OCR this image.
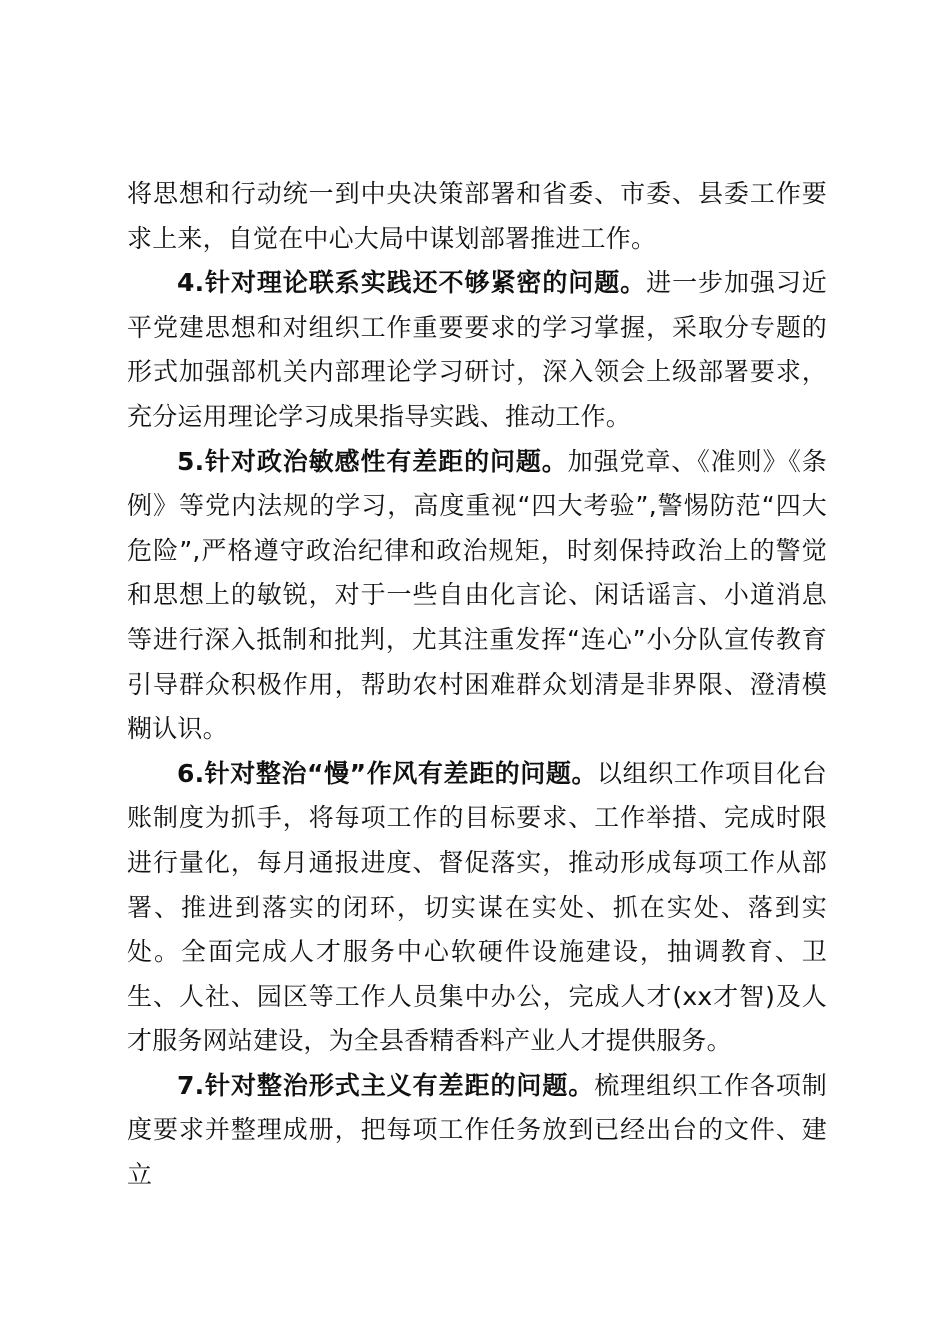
将思想和行动统一到中央决策部署和省委、市委、县委工作要求上来，自觉在中心大局中谋划部署推进工作。

4.针对理论联系实践还不够紧密的问题。进一步加强习近平党建思想和对组织工作重要要求的学习掌握，采取分专题的形式加强部机关内部理论学习研讨，深入领会上级部署要求，充分运用理论学习成果指导实践、推动工作。

5.针对政治敏感性有差距的问题。加强党章、《准则》《条例》等党内法规的学习，高度重视“四大考验”,警惕防范“四大危险”,严格遵守政治纪律和政治规矩，时刻保持政治上的警觉和思想上的敏锐，对于一些自由化言论、闲话谣言、小道消息等进行深入抵制和批判，尤其注重发挥“连心”小分队宣传教育引导群众积极作用，帮助农村困难群众划清是非界限、澄清模糊认识。

6.针对整治“慢”作风有差距的问题。以组织工作项目化台账制度为抓手，将每项工作的目标要求、工作举措、完成时限进行量化，每月通报进度、督促落实，推动形成每项工作从部署、推进到落实的闭环，切实谋在实处、抓在实处、落到实处。全面完成人才服务中心软硬件设施建设，抽调教育、卫生、人社、园区等工作人员集中办公，完成人才(xx才智)及人才服务网站建设，为全县香精香料产业人才提供服务。

7.针对整治形式主义有差距的问题。梳理组织工作各项制度要求并整理成册，把每项工作任务放到已经出台的文件、建立
